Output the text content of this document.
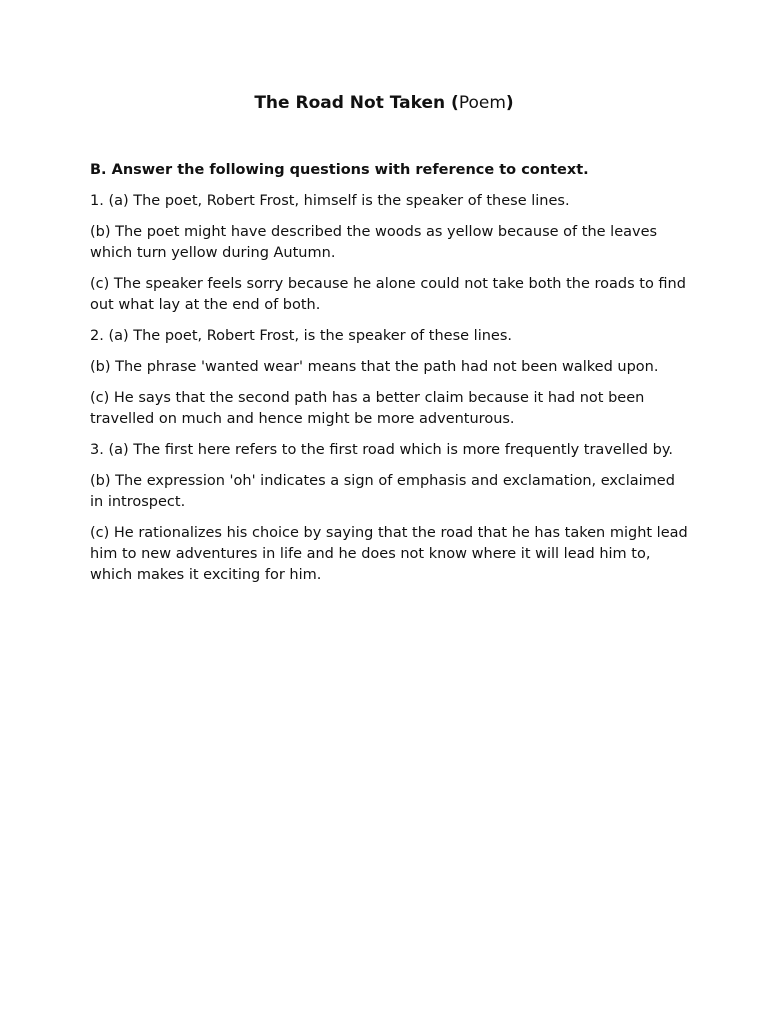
The Road Not Taken (Poem)

B. Answer the following questions with reference to context.

1. (a) The poet, Robert Frost, himself is the speaker of these lines.

(b) The poet might have described the woods as yellow because of the leaves which turn yellow during Autumn.

(c) The speaker feels sorry because he alone could not take both the roads to find out what lay at the end of both.

2. (a) The poet, Robert Frost, is the speaker of these lines.

(b) The phrase 'wanted wear' means that the path had not been walked upon.

(c) He says that the second path has a better claim because it had not been travelled on much and hence might be more adventurous.

3. (a) The first here refers to the first road which is more frequently travelled by.

(b) The expression 'oh' indicates a sign of emphasis and exclamation, exclaimed in introspect.

(c) He rationalizes his choice by saying that the road that he has taken might lead him to new adventures in life and he does not know where it will lead him to, which makes it exciting for him.
